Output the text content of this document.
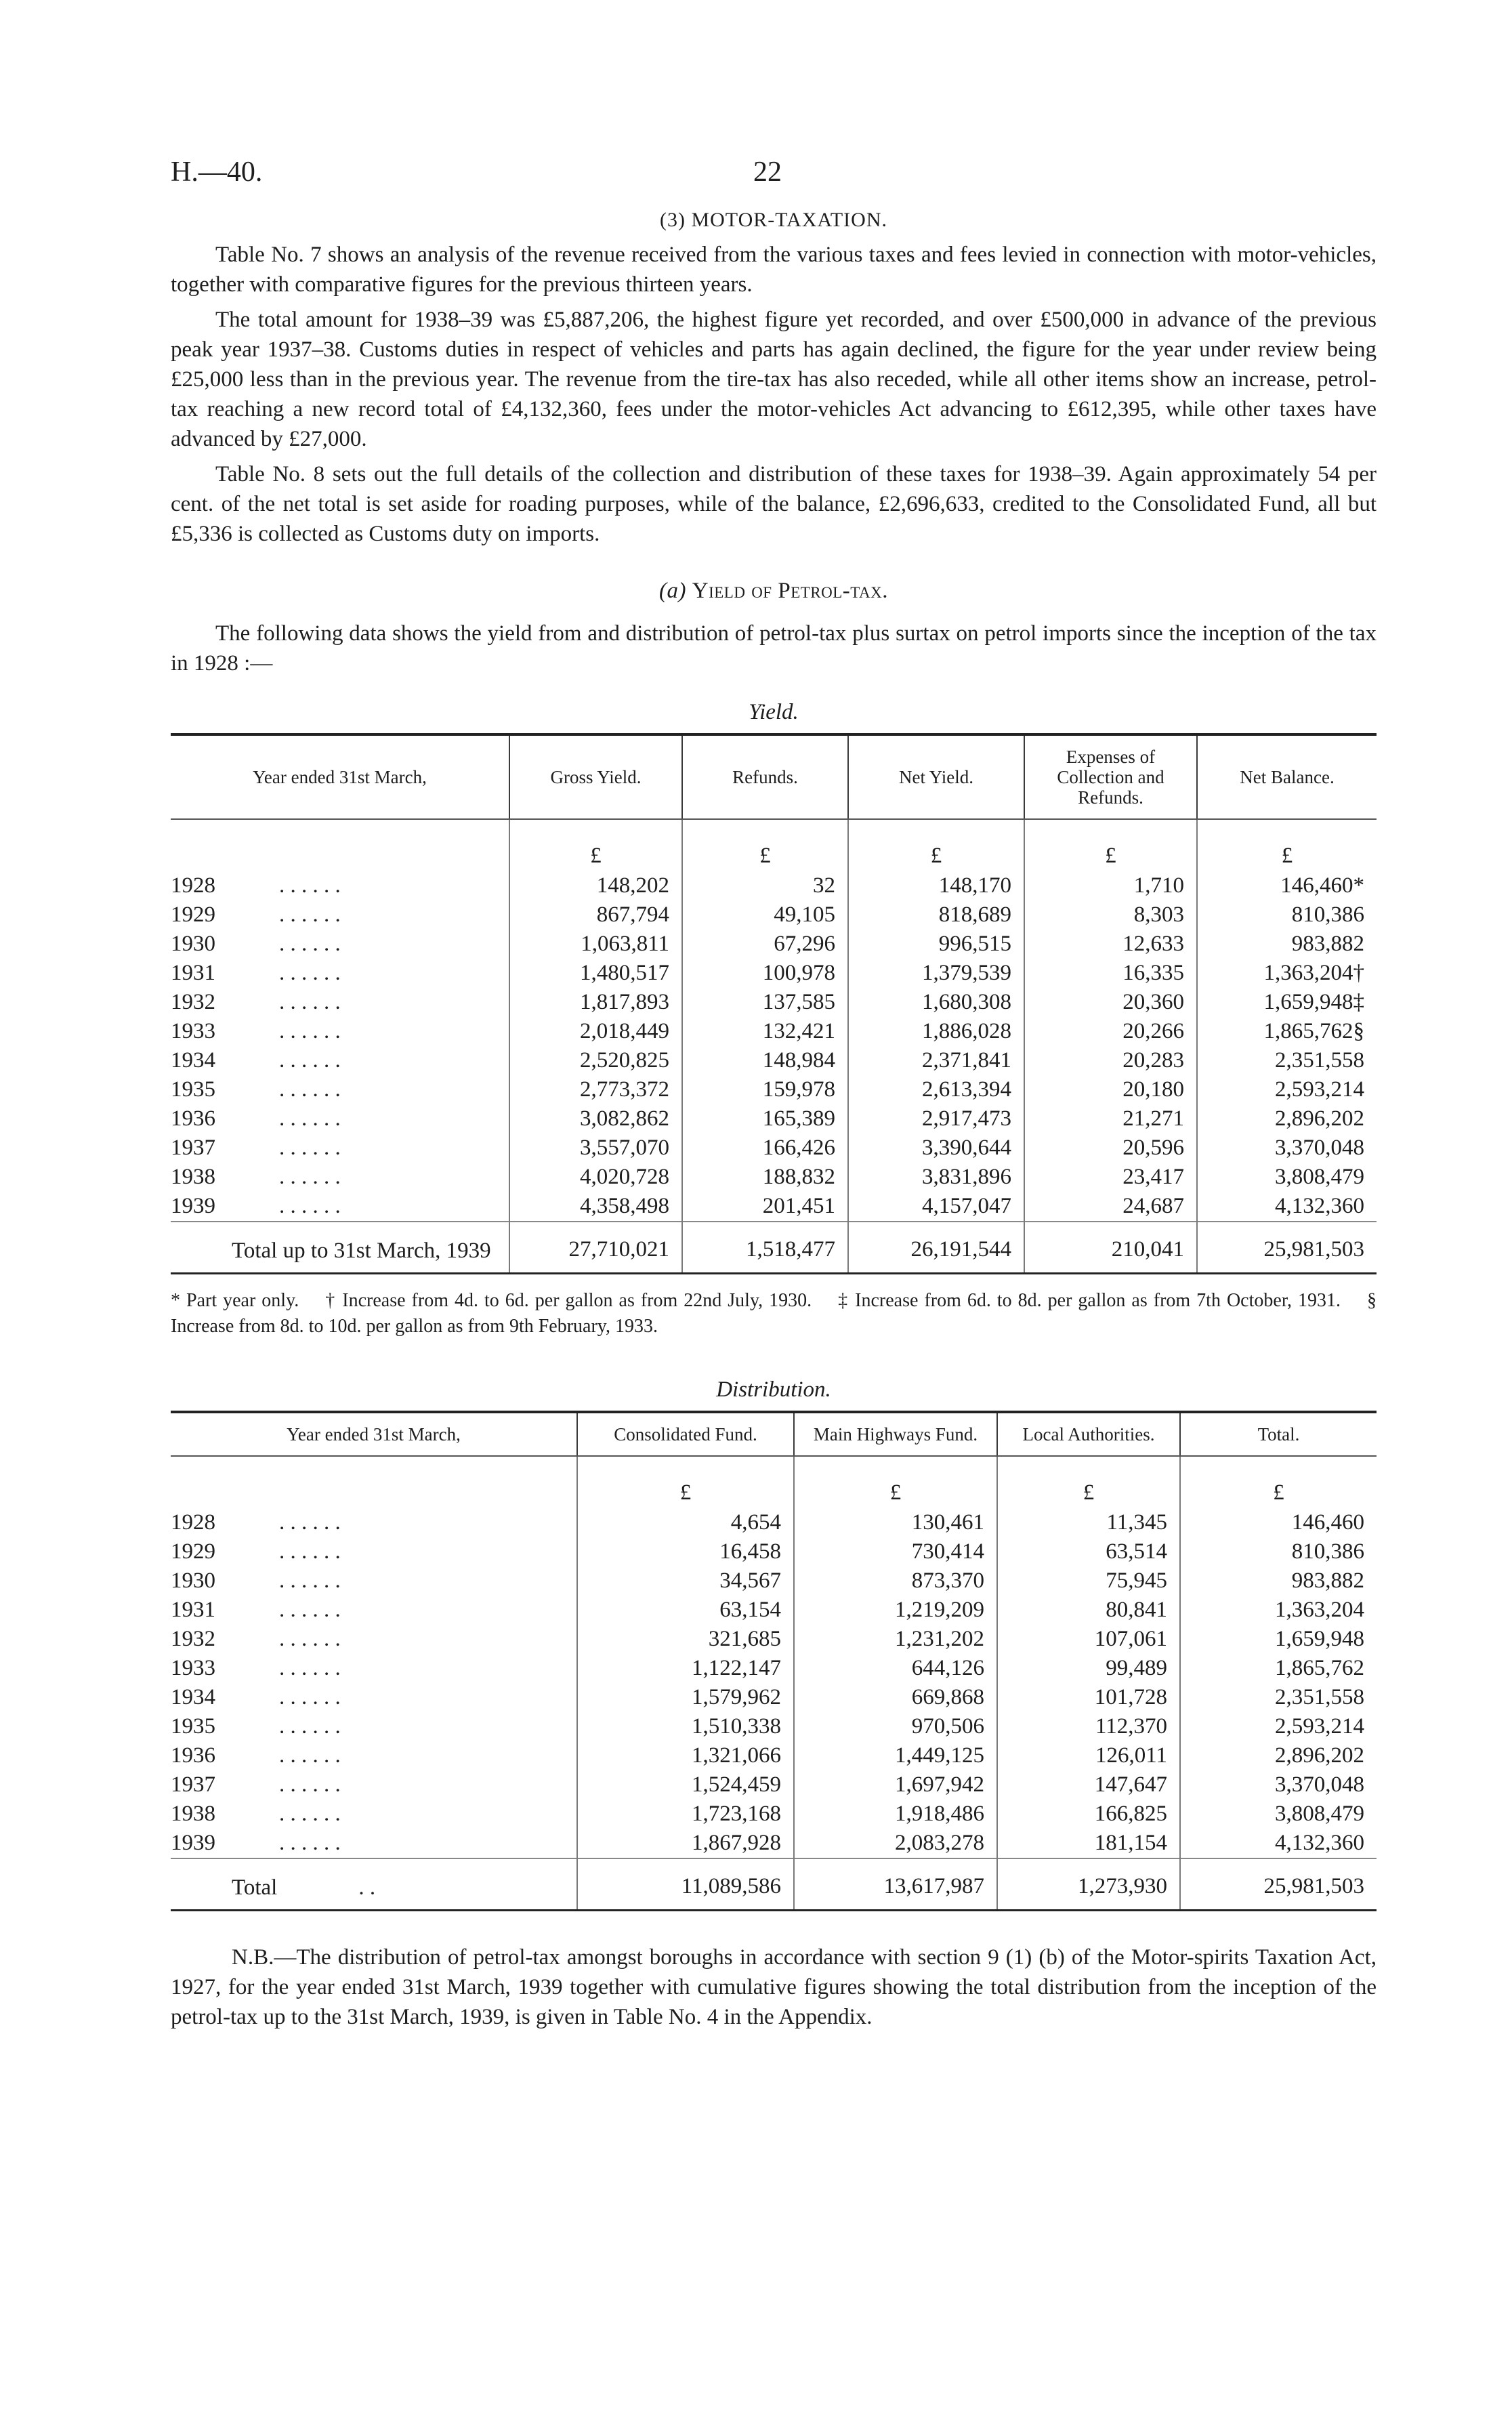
H.—40.	22
(3) MOTOR-TAXATION.

Table No. 7 shows an analysis of the revenue received from the various taxes and fees levied in connection with motor-vehicles, together with comparative figures for the previous thirteen years.

The total amount for 1938–39 was £5,887,206, the highest figure yet recorded, and over £500,000 in advance of the previous peak year 1937–38. Customs duties in respect of vehicles and parts has again declined, the figure for the year under review being £25,000 less than in the previous year. The revenue from the tire-tax has also receded, while all other items show an increase, petrol-tax reaching a new record total of £4,132,360, fees under the motor-vehicles Act advancing to £612,395, while other taxes have advanced by £27,000.

Table No. 8 sets out the full details of the collection and distribution of these taxes for 1938–39. Again approximately 54 per cent. of the net total is set aside for roading purposes, while of the balance, £2,696,633, credited to the Consolidated Fund, all but £5,336 is collected as Customs duty on imports.

(a) Yield of Petrol-tax.

The following data shows the yield from and distribution of petrol-tax plus surtax on petrol imports since the inception of the tax in 1928 :—

Yield.
Year ended 31st March,	Gross Yield.	Refunds.	Net Yield.	Expenses of Collection and Refunds.	Net Balance.
	£	£	£	£	£
1928 . . . . . .	148,202	32	148,170	1,710	146,460*
1929 . . . . . .	867,794	49,105	818,689	8,303	810,386
1930 . . . . . .	1,063,811	67,296	996,515	12,633	983,882
1931 . . . . . .	1,480,517	100,978	1,379,539	16,335	1,363,204†
1932 . . . . . .	1,817,893	137,585	1,680,308	20,360	1,659,948‡
1933 . . . . . .	2,018,449	132,421	1,886,028	20,266	1,865,762§
1934 . . . . . .	2,520,825	148,984	2,371,841	20,283	2,351,558
1935 . . . . . .	2,773,372	159,978	2,613,394	20,180	2,593,214
1936 . . . . . .	3,082,862	165,389	2,917,473	21,271	2,896,202
1937 . . . . . .	3,557,070	166,426	3,390,644	20,596	3,370,048
1938 . . . . . .	4,020,728	188,832	3,831,896	23,417	3,808,479
1939 . . . . . .	4,358,498	201,451	4,157,047	24,687	4,132,360
Total up to 31st March, 1939	27,710,021	1,518,477	26,191,544	210,041	25,981,503

* Part year only. † Increase from 4d. to 6d. per gallon as from 22nd July, 1930. ‡ Increase from 6d. to 8d. per gallon as from 7th October, 1931. § Increase from 8d. to 10d. per gallon as from 9th February, 1933.
Distribution.
Year ended 31st March,	Consolidated Fund.	Main Highways Fund.	Local Authorities.	Total.
	£	£	£	£
1928 . . . . . .	4,654	130,461	11,345	146,460
1929 . . . . . .	16,458	730,414	63,514	810,386
1930 . . . . . .	34,567	873,370	75,945	983,882
1931 . . . . . .	63,154	1,219,209	80,841	1,363,204
1932 . . . . . .	321,685	1,231,202	107,061	1,659,948
1933 . . . . . .	1,122,147	644,126	99,489	1,865,762
1934 . . . . . .	1,579,962	669,868	101,728	2,351,558
1935 . . . . . .	1,510,338	970,506	112,370	2,593,214
1936 . . . . . .	1,321,066	1,449,125	126,011	2,896,202
1937 . . . . . .	1,524,459	1,697,942	147,647	3,370,048
1938 . . . . . .	1,723,168	1,918,486	166,825	3,808,479
1939 . . . . . .	1,867,928	2,083,278	181,154	4,132,360
Total . .	11,089,586	13,617,987	1,273,930	25,981,503

N.B.—The distribution of petrol-tax amongst boroughs in accordance with section 9 (1) (b) of the Motor-spirits Taxation Act, 1927, for the year ended 31st March, 1939 together with cumulative figures showing the total distribution from the inception of the petrol-tax up to the 31st March, 1939, is given in Table No. 4 in the Appendix.
